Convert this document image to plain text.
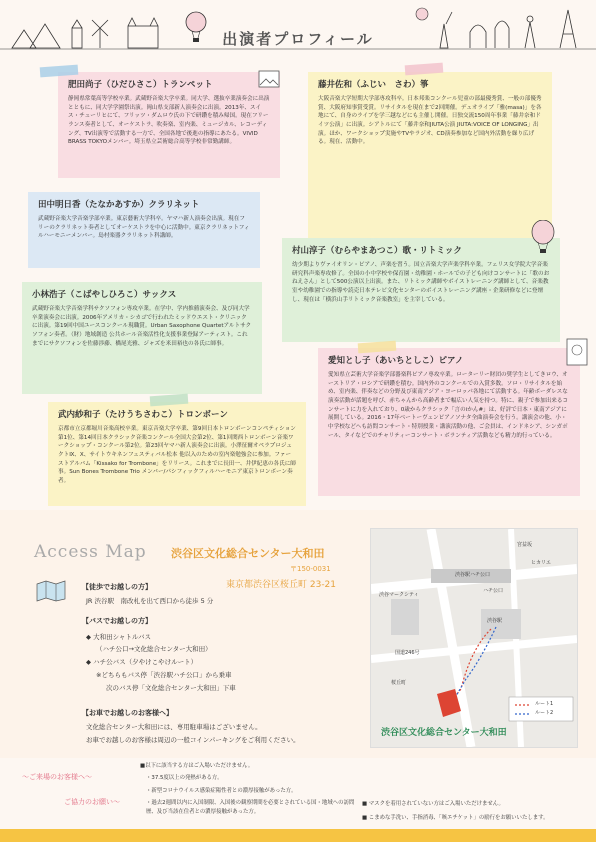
出演者プロフィール
肥田尚子（ひだひさこ）トランペット
静岡県常葉高等学校卒業。武蔵野音楽大学卒業。同大学、選抜卒業演奏会に出演とともに、同大学学園祭出演。岡山県支部新人演奏会に出演。2013年、スイス・チューリヒにて、フリッツ・ダムロウ氏の下で研鑽を積み帰国。現在フリーランス奏者として、オーケストラ、吹奏楽、室内楽、ミュージカル、レコーディング、TV出演等で活動する一方で、全国各地で後進の指導にあたる。VIVID BRASS TOKYOメンバー。埼玉県立芸術総合高等学校非常勤講師。
藤井佐和（ふじい　さわ）箏
大阪音楽大学短期大学部専攻科卒。日本邦楽コンクール児童の部最優秀賞、一般の部優秀賞、大阪府知事賞受賞。リサイタルを現在まで2回開催。デュオライブ「雅(masa)」を各地にて、自身のライブを学三越などにも主催し開催。日独交流150周年事業「藤井奈和ドイツ公演」に出演。シアトルにて「藤井奈和JIUTA公演 JIUTA:VOICE OF LONGING」出演。ほか、ワークショップ実施やTVやラジオ、CD演奏参加など国内外活動を繰り広げる。現在、活動中。
田中明日香（たなかあすか）クラリネット
武蔵野音楽大学音楽学部卒業。東京藝術大学科卒。ヤマハ新人演奏会出演。現在フリーのクラリネット奏者としてオーケストラを中心に活動中。東京クラリネットフィルハーモニーメンバー。島村楽器クラリネット科講師。
村山淳子（むらやまあつこ）歌・リトミック
幼少期よりヴァイオリン・ピアノ、声楽を習う。国立音楽大学声楽学科卒業。フェリス女学院大学音楽研究科声楽専攻修了。全国の小中学校や保育園・幼稚園・ホールでの子ども向けコンサートに「歌のおねえさん」として500公演以上出演。また、リトミック講師やボイストレーニング講師として、音楽教室や幼稚園での指導や読売日本テレビ文化センターのボイストレーニング講座・企業研修などに登壇し、現在は「横浜山手リトミック音楽教室」を主宰している。
小林浩子（こばやしひろこ）サックス
武蔵野音楽大学音楽学科サクソフォン専攻卒業。在学中、学内推薦演奏会、及び同大学卒業演奏会に出演。2006年アメリカ・シカゴで行われたミッドウエスト・クリニックに出演。第19回中国ユースコンクール現職賞。Urban Saxophone Quartetアルトサクソフォン奏者。（財）地域創造 公共ホール音楽活性化支援事業登録アーティスト。これまでにサクソフォンを佐藤渉藤、橋尾光雅、ジャズを米田裕也の各氏に師事。
愛知とし子（あいちとしこ）ピアノ
愛知県立芸術大学音楽学部器楽科ピアノ専攻卒業。ローターリー財団の奨学生としてきロウ、オーストリア・ロシアで研鑽を積む。国内外のコンクールでの入賞多数。ソロ・リサイタルを始め、室内楽、伴奏などの分野及び東南アジア・ヨーロッパ各地にて活動する。年齢ボーダレスな演奏活動が話題を呼び、赤ちゃんから高齢者まで幅広い人気を持つ。特に、親子で参加出来るコンサートに力を入れており、0歳からクラシック「言のiかん#」は、好評で日本・東南アジアに展開している。2016・17年ベートーヴェンピアノソナタ全曲演奏会を行う。講演会の他、小・中学校などへも訪問コンサート・特別授業・講演活動の他、ご会員は、インドネシア、シンガポール、タイなどでのチャリティーコンサート・ボランティア活動なども精力的行っている。
武内紗和子（たけうちさわこ）トロンボーン
京都市立京都堀川音楽高校卒業。東京音楽大学卒業、第9回日本トロンボーンコンペティション第1位、第14回日本クラシック音楽コンクール全国大会第2位、第1回関西トロンボーン音楽ワークショップ・コンクール第2位。第23回ヤマハ新人演奏会に出演。小澤征爾オペラプロジェクトⅨ、Ⅹ、サイトウキネンフェスティバル松本 他以入のための室内楽勉強会に参加。ファーストアルバム「Kissako for Trombone」をリリース。これまでに長田一、井伊紀恵の各氏に師事。Sun Bones Trombone Trio メンバー/パシフィックフィルハーモニア東京トロンボーン奏者。
Access Map 渋谷区文化総合センター大和田
〒150-0031
東京都渋谷区桜丘町 23-21
【徒歩でお越しの方】
JR 渋谷駅　南改札を出て西口から徒歩 5 分
【バスでお越しの方】
◆ 大和田シャトルバス
（ハチ公口→文化総合センター大和田）
◆ ハチ公バス（夕やけこやけルート）
※どちらもバス停「渋谷駅ハチ公口」から乗車
次のバス停「文化総合センター大和田」下車
【お車でお越しのお客様へ】
文化総合センター大和田には、専用駐車場はございません。
お車でお越しのお客様は周辺の一般コインパーキングをご利用ください。
渋谷駅ハチ公口
宮益坂
ハチ公口
渋谷駅
桜丘町
国道246号
渋谷マークシティ
ヒカリエ
ルート1
ルート2
渋谷区文化総合センター大和田
～ご来場のお客様へ～
ご協力のお願い～
■以下に該当する方はご入場いただけません。
・37.5度以上の発熱がある方。
・新型コロナウイルス感染症陽性者との濃厚接触があった方。
・過去2週間以内に入国制限、入国後の観察期間を必要とされている国・地域への訪問歴、及び当該在住者との濃厚接触があった方。
■ マスクを着用されていない方はご入場いただけません。
■ こまめな手洗い、手指消毒、「咳エチケット」の励行をお願いいたします。
